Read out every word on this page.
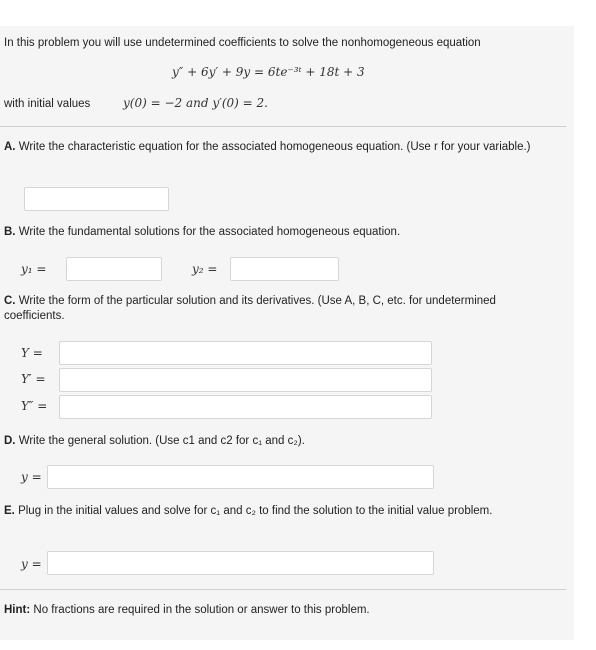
In this problem you will use undetermined coefficients to solve the nonhomogeneous equation
y″ + 6y′ + 9y = 6te⁻³ᵗ + 18t + 3
with initial values	y(0) = −2 and y′(0) = 2.
A. Write the characteristic equation for the associated homogeneous equation. (Use r for your variable.)
B. Write the fundamental solutions for the associated homogeneous equation.
y₁ =	y₂ =
C. Write the form of the particular solution and its derivatives. (Use A, B, C, etc. for undetermined coefficients.
Y =
Y′ =
Y″ =
D. Write the general solution. (Use c1 and c2 for c₁ and c₂).
y =
E. Plug in the initial values and solve for c₁ and c₂ to find the solution to the initial value problem.
y =
Hint: No fractions are required in the solution or answer to this problem.
